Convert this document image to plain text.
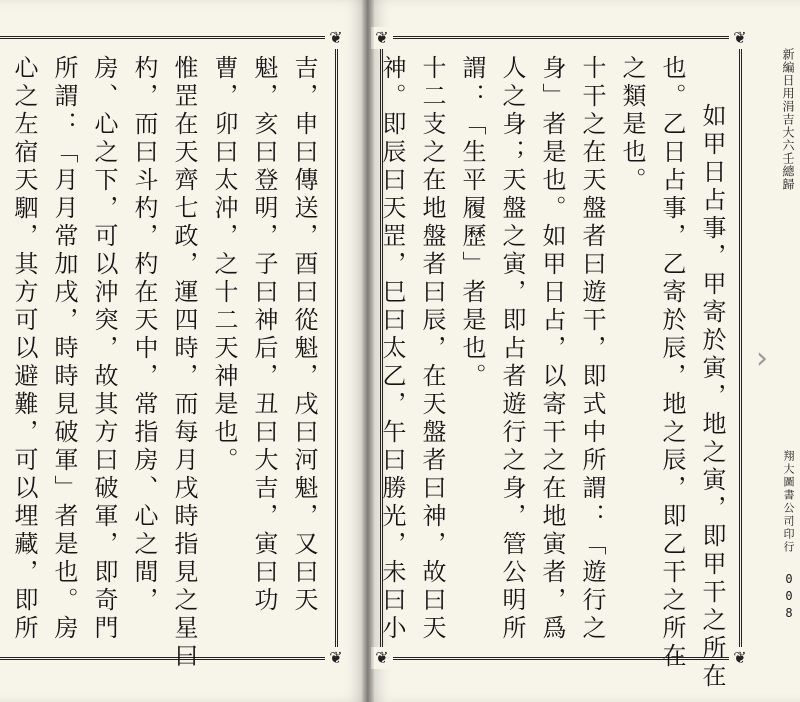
❦
❦
吉，申曰傳送，酉曰從魁，戌曰河魁，又曰天
魁，亥曰登明，子曰神后，丑曰大吉，寅曰功
曹，卯曰太沖，之十二天神是也。
惟罡在天齊七政，運四時，而每月戌時指見之星曰
杓，而曰斗杓，杓在天中，常指房、心之間，
房、心之下，可以沖突，故其方曰破軍，即奇門
所謂：「月月常加戌，時時見破軍」者是也。房
心之左宿天駟，其方可以避難，可以埋藏，即所
❦	❦
❦	❦
如甲日占事，甲寄於寅，地之寅，即甲干之所在
也。乙日占事，乙寄於辰，地之辰，即乙干之所在
之類是也。
十干之在天盤者曰遊干，即式中所謂：「遊行之
身」者是也。如甲日占，以寄干之在地寅者，爲
人之身；天盤之寅，即占者遊行之身，管公明所
謂：「生平履歷」者是也。
十二支之在地盤者曰辰，在天盤者曰神，故曰天
神。即辰曰天罡，巳曰太乙，午曰勝光，未曰小	新編日用涓吉大六壬總歸
翔大圖書公司印行
008
›
